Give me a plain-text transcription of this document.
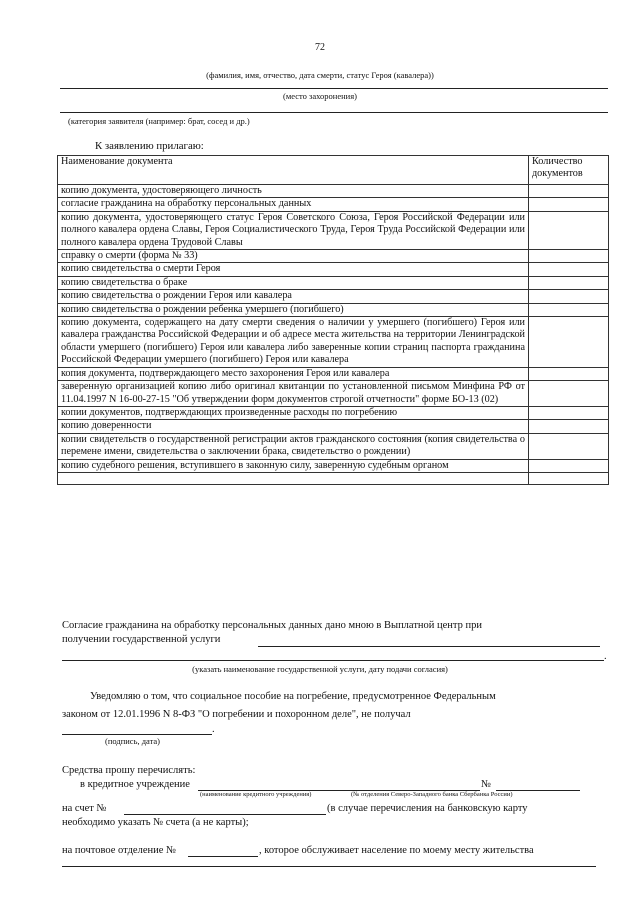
72
(фамилия, имя, отчество, дата смерти, статус Героя (кавалера))
(место захоронения)
(категория заявителя (например: брат, сосед и др.)
К заявлению прилагаю:
Наименование документа	Количество документов
копию документа, удостоверяющего личность	
согласие гражданина на обработку персональных данных	
копию документа, удостоверяющего статус Героя Советского Союза, Героя Российской Федерации или полного кавалера ордена Славы, Героя Социалистического Труда, Героя Труда Российской Федерации или полного кавалера ордена Трудовой Славы	
справку о смерти (форма № 33)	
копию свидетельства о смерти Героя	
копию свидетельства о браке	
копию свидетельства о рождении Героя или кавалера	
копию свидетельства о рождении ребенка умершего (погибшего)	
копию документа, содержащего на дату смерти сведения о наличии у умершего (погибшего) Героя или кавалера гражданства Российской Федерации и об адресе места жительства на территории Ленинградской области умершего (погибшего) Героя или кавалера либо заверенные копии страниц паспорта гражданина Российской Федерации умершего (погибшего) Героя или кавалера	
копия документа, подтверждающего место захоронения Героя или кавалера	
заверенную организацией копию либо оригинал квитанции по установленной письмом Минфина РФ от 11.04.1997 N 16-00-27-15 "Об утверждении форм документов строгой отчетности" форме БО-13 (02)	
копии документов, подтверждающих произведенные расходы по погребению	
копию доверенности	
копии свидетельств о государственной регистрации актов гражданского состояния (копия свидетельства о перемене имени, свидетельства о заключении брака, свидетельство о рождении)	
копию судебного решения, вступившего в законную силу, заверенную судебным органом	

Согласие гражданина на обработку персональных данных дано мною в Выплатной центр при
получении государственной услуги
.
(указать наименование государственной услуги, дату подачи согласия)
Уведомляю о том, что социальное пособие на погребение, предусмотренное Федеральным
законом от 12.01.1996 N 8-ФЗ "О погребении и похоронном деле", не получал
.
(подпись, дата)
Средства прошу перечислять:
в кредитное учреждение	№
(наименование кредитного учреждения)	(№ отделения Северо-Западного банка Сбербанка России)
на счет №	(в случае перечисления на банковскую карту
необходимо указать № счета (а не карты);
на почтовое отделение №	, которое обслуживает население по моему месту жительства
